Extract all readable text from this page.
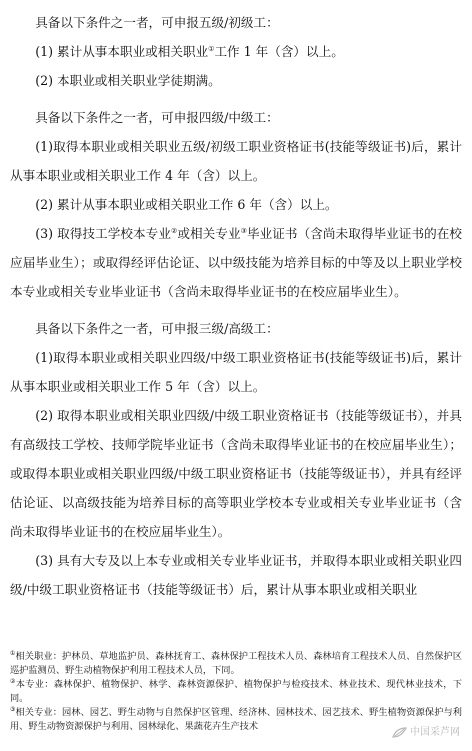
具备以下条件之一者，可申报五级/初级工：

(1) 累计从事本职业或相关职业①工作 1 年（含）以上。

(2) 本职业或相关职业学徒期满。

具备以下条件之一者，可申报四级/中级工：

(1)取得本职业或相关职业五级/初级工职业资格证书(技能等级证书)后，累计从事本职业或相关职业工作 4 年（含）以上。

(2) 累计从事本职业或相关职业工作 6 年（含）以上。

(3) 取得技工学校本专业②或相关专业③毕业证书（含尚未取得毕业证书的在校应届毕业生）；或取得经评估论证、以中级技能为培养目标的中等及以上职业学校本专业或相关专业毕业证书（含尚未取得毕业证书的在校应届毕业生）。

具备以下条件之一者，可申报三级/高级工：

(1)取得本职业或相关职业四级/中级工职业资格证书(技能等级证书)后，累计从事本职业或相关职业工作 5 年（含）以上。

(2) 取得本职业或相关职业四级/中级工职业资格证书（技能等级证书），并具有高级技工学校、技师学院毕业证书（含尚未取得毕业证书的在校应届毕业生）；或取得本职业或相关职业四级/中级工职业资格证书（技能等级证书），并具有经评估论证、以高级技能为培养目标的高等职业学校本专业或相关专业毕业证书（含尚未取得毕业证书的在校应届毕业生）。

(3) 具有大专及以上本专业或相关专业毕业证书，并取得本职业或相关职业四级/中级工职业资格证书（技能等级证书）后，累计从事本职业或相关职业

①相关职业：护林员、草地监护员、森林抚育工、森林保护工程技术人员、森林培育工程技术人员、自然保护区巡护监测员、野生动植物保护利用工程技术人员，下同。

②本专业：森林保护、植物保护、林学、森林资源保护、植物保护与检疫技术、林业技术、现代林业技术，下同。

③相关专业：园林、园艺、野生动物与自然保护区管理、经济林、园林技术、园艺技术、野生植物资源保护与利用、野生动物资源保护与利用、园林绿化、果蔬花卉生产技术

中国采芦网
